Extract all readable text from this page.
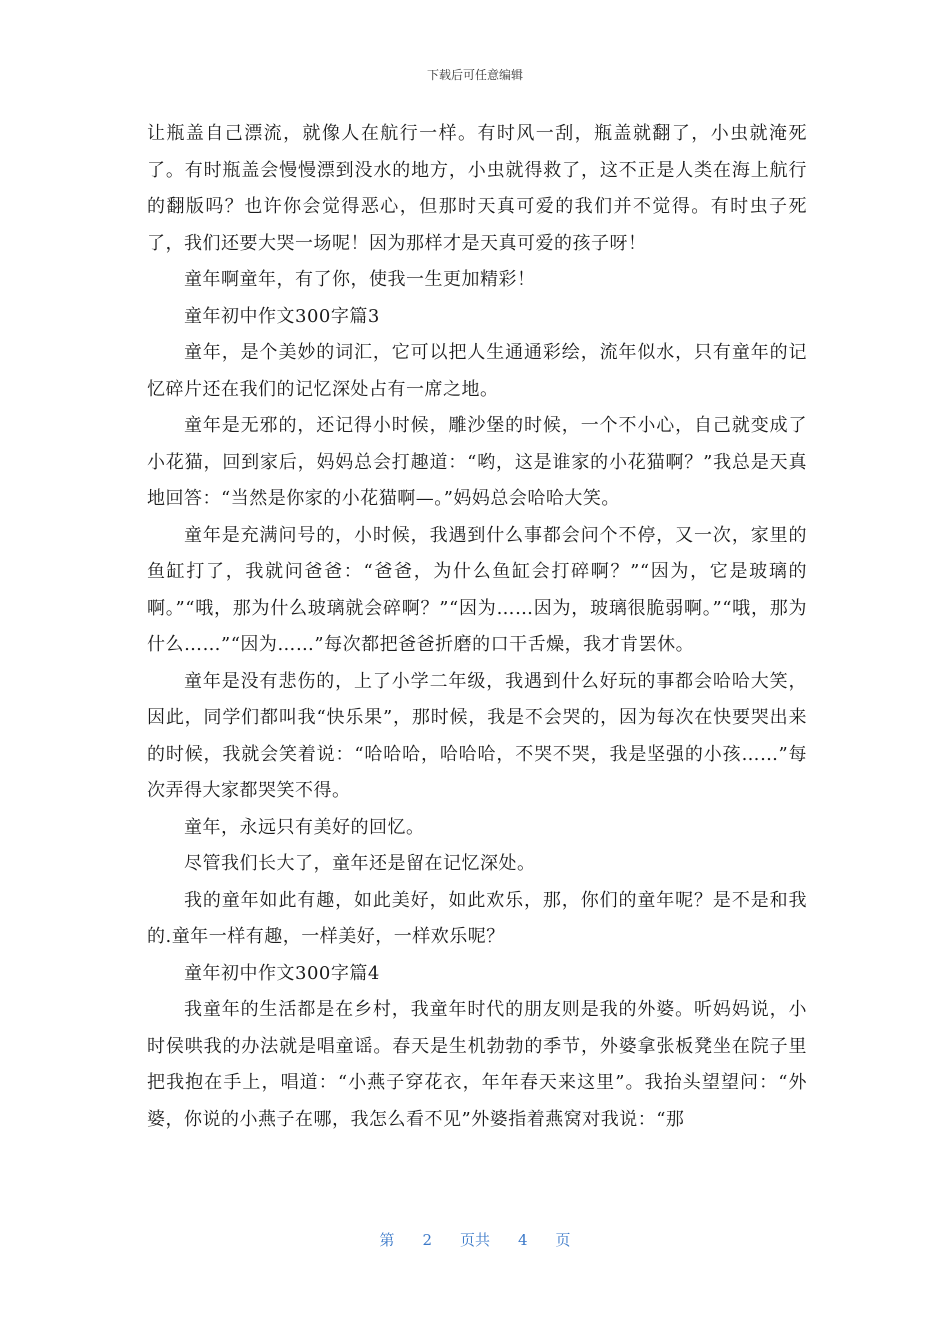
下载后可任意编辑

让瓶盖自己漂流，就像人在航行一样。有时风一刮，瓶盖就翻了，小虫就淹死了。有时瓶盖会慢慢漂到没水的地方，小虫就得救了，这不正是人类在海上航行的翻版吗？也许你会觉得恶心，但那时天真可爱的我们并不觉得。有时虫子死了，我们还要大哭一场呢！因为那样才是天真可爱的孩子呀！

童年啊童年，有了你，使我一生更加精彩！

童年初中作文300字篇3

童年，是个美妙的词汇，它可以把人生通通彩绘，流年似水，只有童年的记忆碎片还在我们的记忆深处占有一席之地。

童年是无邪的，还记得小时候，雕沙堡的时候，一个不小心，自己就变成了小花猫，回到家后，妈妈总会打趣道：“哟，这是谁家的小花猫啊？”我总是天真地回答：“当然是你家的小花猫啊—。”妈妈总会哈哈大笑。

童年是充满问号的，小时候，我遇到什么事都会问个不停，又一次，家里的鱼缸打了，我就问爸爸：“爸爸，为什么鱼缸会打碎啊？”“因为，它是玻璃的啊。”“哦，那为什么玻璃就会碎啊？”“因为……因为，玻璃很脆弱啊。”“哦，那为什么……”“因为……”每次都把爸爸折磨的口干舌燥，我才肯罢休。

童年是没有悲伤的，上了小学二年级，我遇到什么好玩的事都会哈哈大笑，因此，同学们都叫我“快乐果”，那时候，我是不会哭的，因为每次在快要哭出来的时候，我就会笑着说：“哈哈哈，哈哈哈，不哭不哭，我是坚强的小孩……”每次弄得大家都哭笑不得。

童年，永远只有美好的回忆。

尽管我们长大了，童年还是留在记忆深处。

我的童年如此有趣，如此美好，如此欢乐，那，你们的童年呢？是不是和我的.童年一样有趣，一样美好，一样欢乐呢？

童年初中作文300字篇4

我童年的生活都是在乡村，我童年时代的朋友则是我的外婆。听妈妈说，小时侯哄我的办法就是唱童谣。春天是生机勃勃的季节，外婆拿张板凳坐在院子里把我抱在手上，唱道：“小燕子穿花衣，年年春天来这里”。我抬头望望问：“外婆，你说的小燕子在哪，我怎么看不见”外婆指着燕窝对我说：“那

第 2 页共 4 页
